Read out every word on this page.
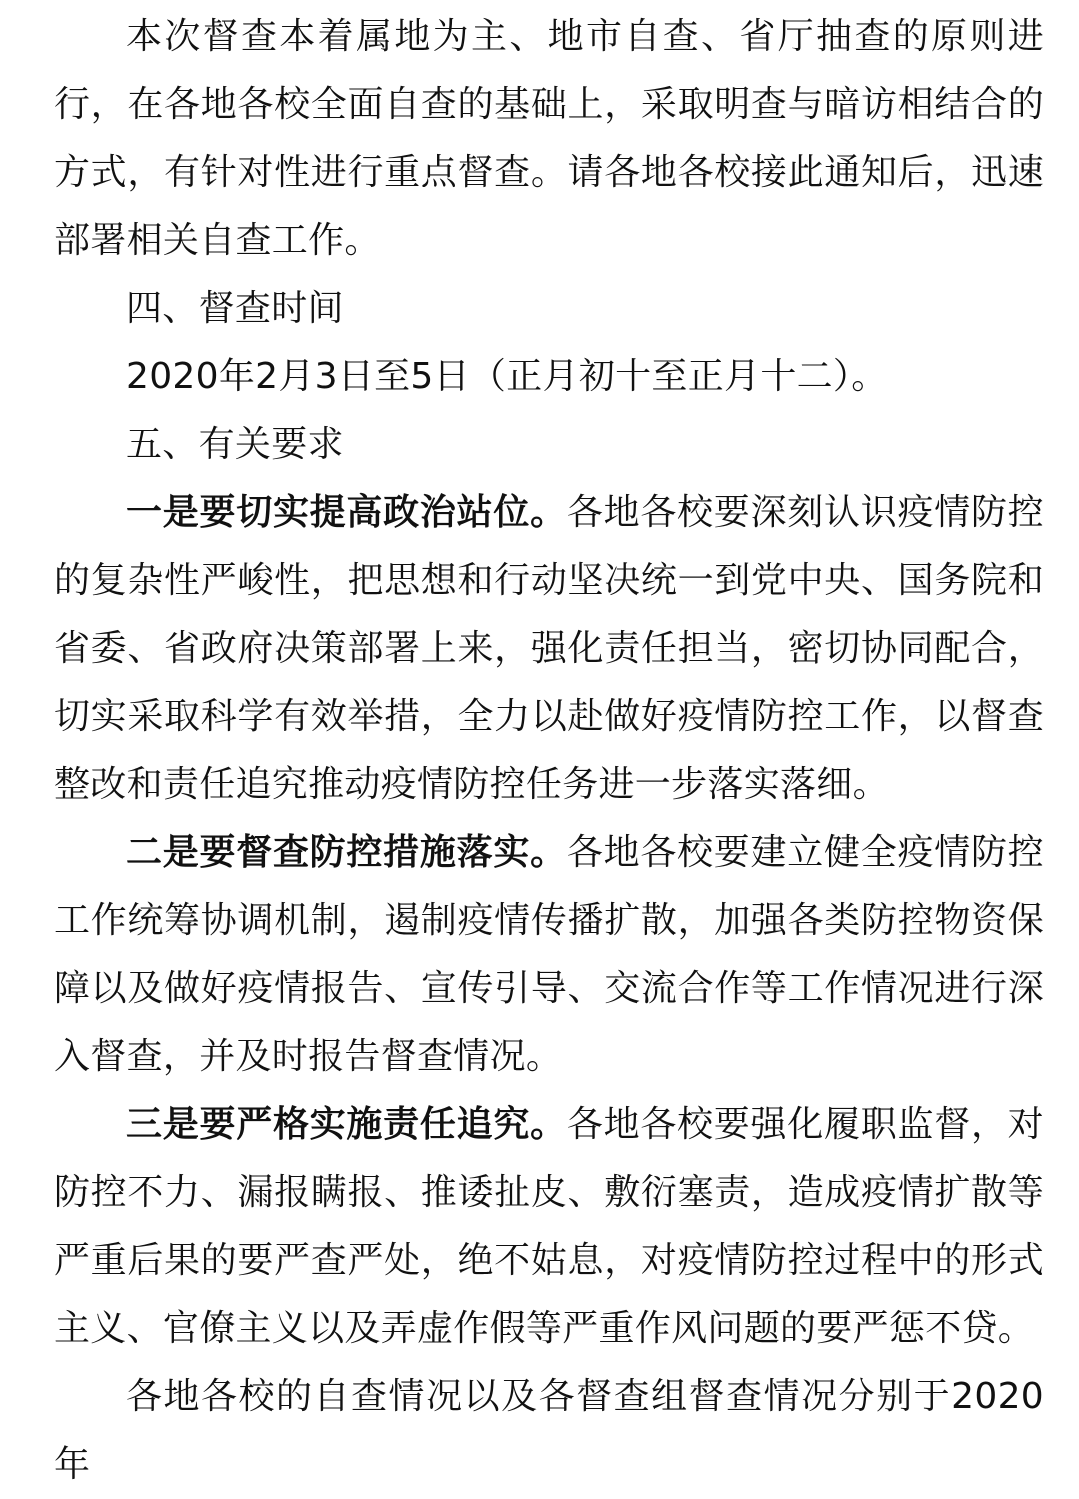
本次督查本着属地为主、地市自查、省厅抽查的原则进行，在各地各校全面自查的基础上，采取明查与暗访相结合的方式，有针对性进行重点督查。请各地各校接此通知后，迅速部署相关自查工作。

四、督查时间

2020年2月3日至5日（正月初十至正月十二）。

五、有关要求

一是要切实提高政治站位。各地各校要深刻认识疫情防控的复杂性严峻性，把思想和行动坚决统一到党中央、国务院和省委、省政府决策部署上来，强化责任担当，密切协同配合，切实采取科学有效举措，全力以赴做好疫情防控工作，以督查整改和责任追究推动疫情防控任务进一步落实落细。

二是要督查防控措施落实。各地各校要建立健全疫情防控工作统筹协调机制，遏制疫情传播扩散，加强各类防控物资保障以及做好疫情报告、宣传引导、交流合作等工作情况进行深入督查，并及时报告督查情况。

三是要严格实施责任追究。各地各校要强化履职监督，对防控不力、漏报瞒报、推诿扯皮、敷衍塞责，造成疫情扩散等严重后果的要严查严处，绝不姑息，对疫情防控过程中的形式主义、官僚主义以及弄虚作假等严重作风问题的要严惩不贷。

各地各校的自查情况以及各督查组督查情况分别于2020年
